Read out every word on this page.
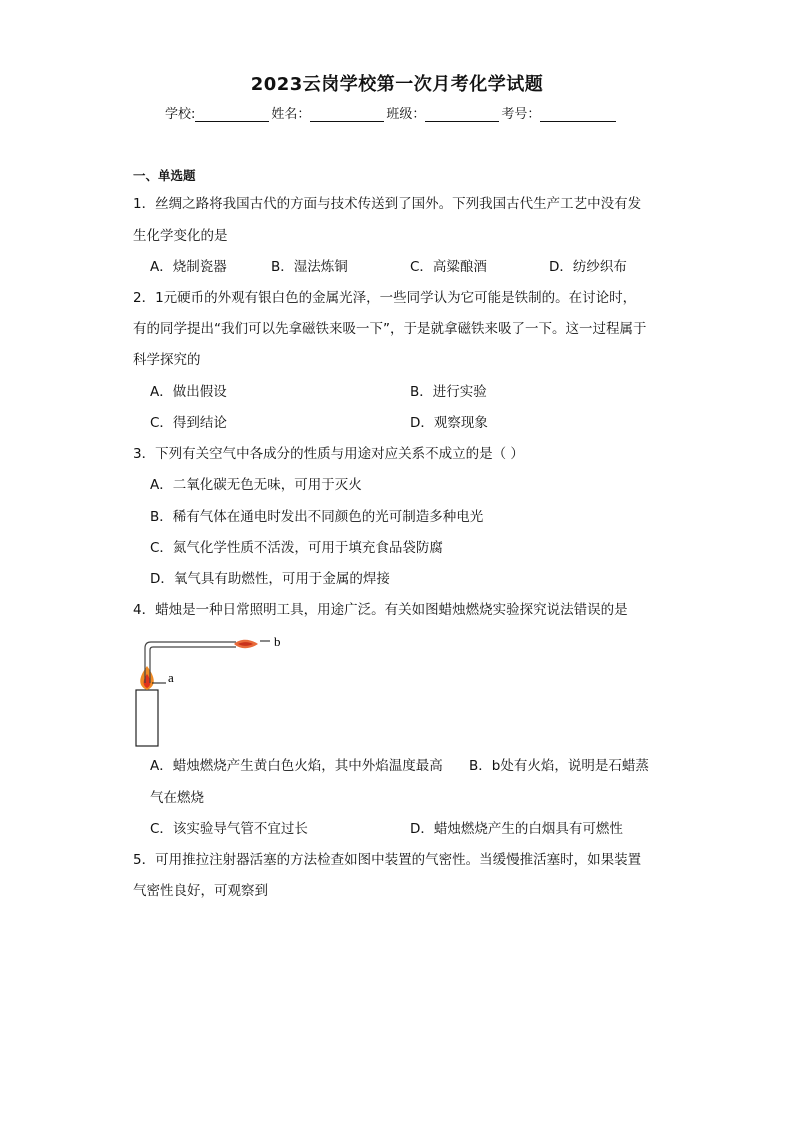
2023云岗学校第一次月考化学试题
学校:	姓名：	班级：	考号：
一、单选题
1．丝绸之路将我国古代的方面与技术传送到了国外。下列我国古代生产工艺中没有发
生化学变化的是
A．烧制瓷器	B．湿法炼铜	C．高粱酿酒	D．纺纱织布
2．1元硬币的外观有银白色的金属光泽，一些同学认为它可能是铁制的。在讨论时，
有的同学提出“我们可以先拿磁铁来吸一下”，于是就拿磁铁来吸了一下。这一过程属于
科学探究的
A．做出假设	B．进行实验
C．得到结论	D．观察现象
3．下列有关空气中各成分的性质与用途对应关系不成立的是（ ）
A．二氧化碳无色无味，可用于灭火
B．稀有气体在通电时发出不同颜色的光可制造多种电光
C．氮气化学性质不活泼，可用于填充食品袋防腐
D．氧气具有助燃性，可用于金属的焊接
4．蜡烛是一种日常照明工具，用途广泛。有关如图蜡烛燃烧实验探究说法错误的是
b
a
A．蜡烛燃烧产生黄白色火焰，其中外焰温度最高 B．b处有火焰，说明是石蜡蒸
气在燃烧
C．该实验导气管不宜过长	D．蜡烛燃烧产生的白烟具有可燃性
5．可用推拉注射器活塞的方法检查如图中装置的气密性。当缓慢推活塞时，如果装置
气密性良好，可观察到
